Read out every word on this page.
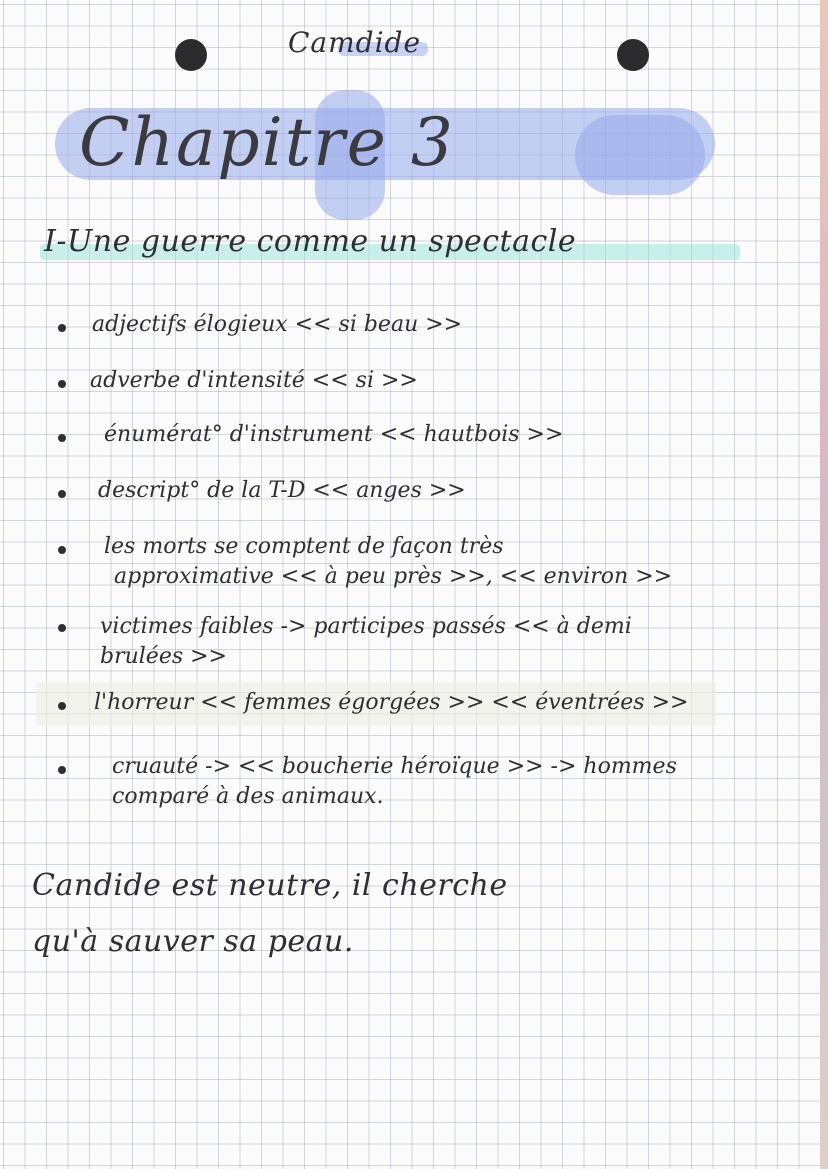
Camdide
Chapitre 3
I-Une guerre comme un spectacle
adjectifs élogieux << si beau >>
adverbe d'intensité << si >>
énumérat° d'instrument << hautbois >>
descript° de la T-D << anges >>
les morts se comptent de façon très
approximative << à peu près >>, << environ >>
victimes faibles -> participes passés << à demi
brulées >>
l'horreur << femmes égorgées >> << éventrées >>
cruauté -> << boucherie héroïque >> -> hommes
comparé à des animaux.
Candide est neutre, il cherche
qu'à sauver sa peau.
